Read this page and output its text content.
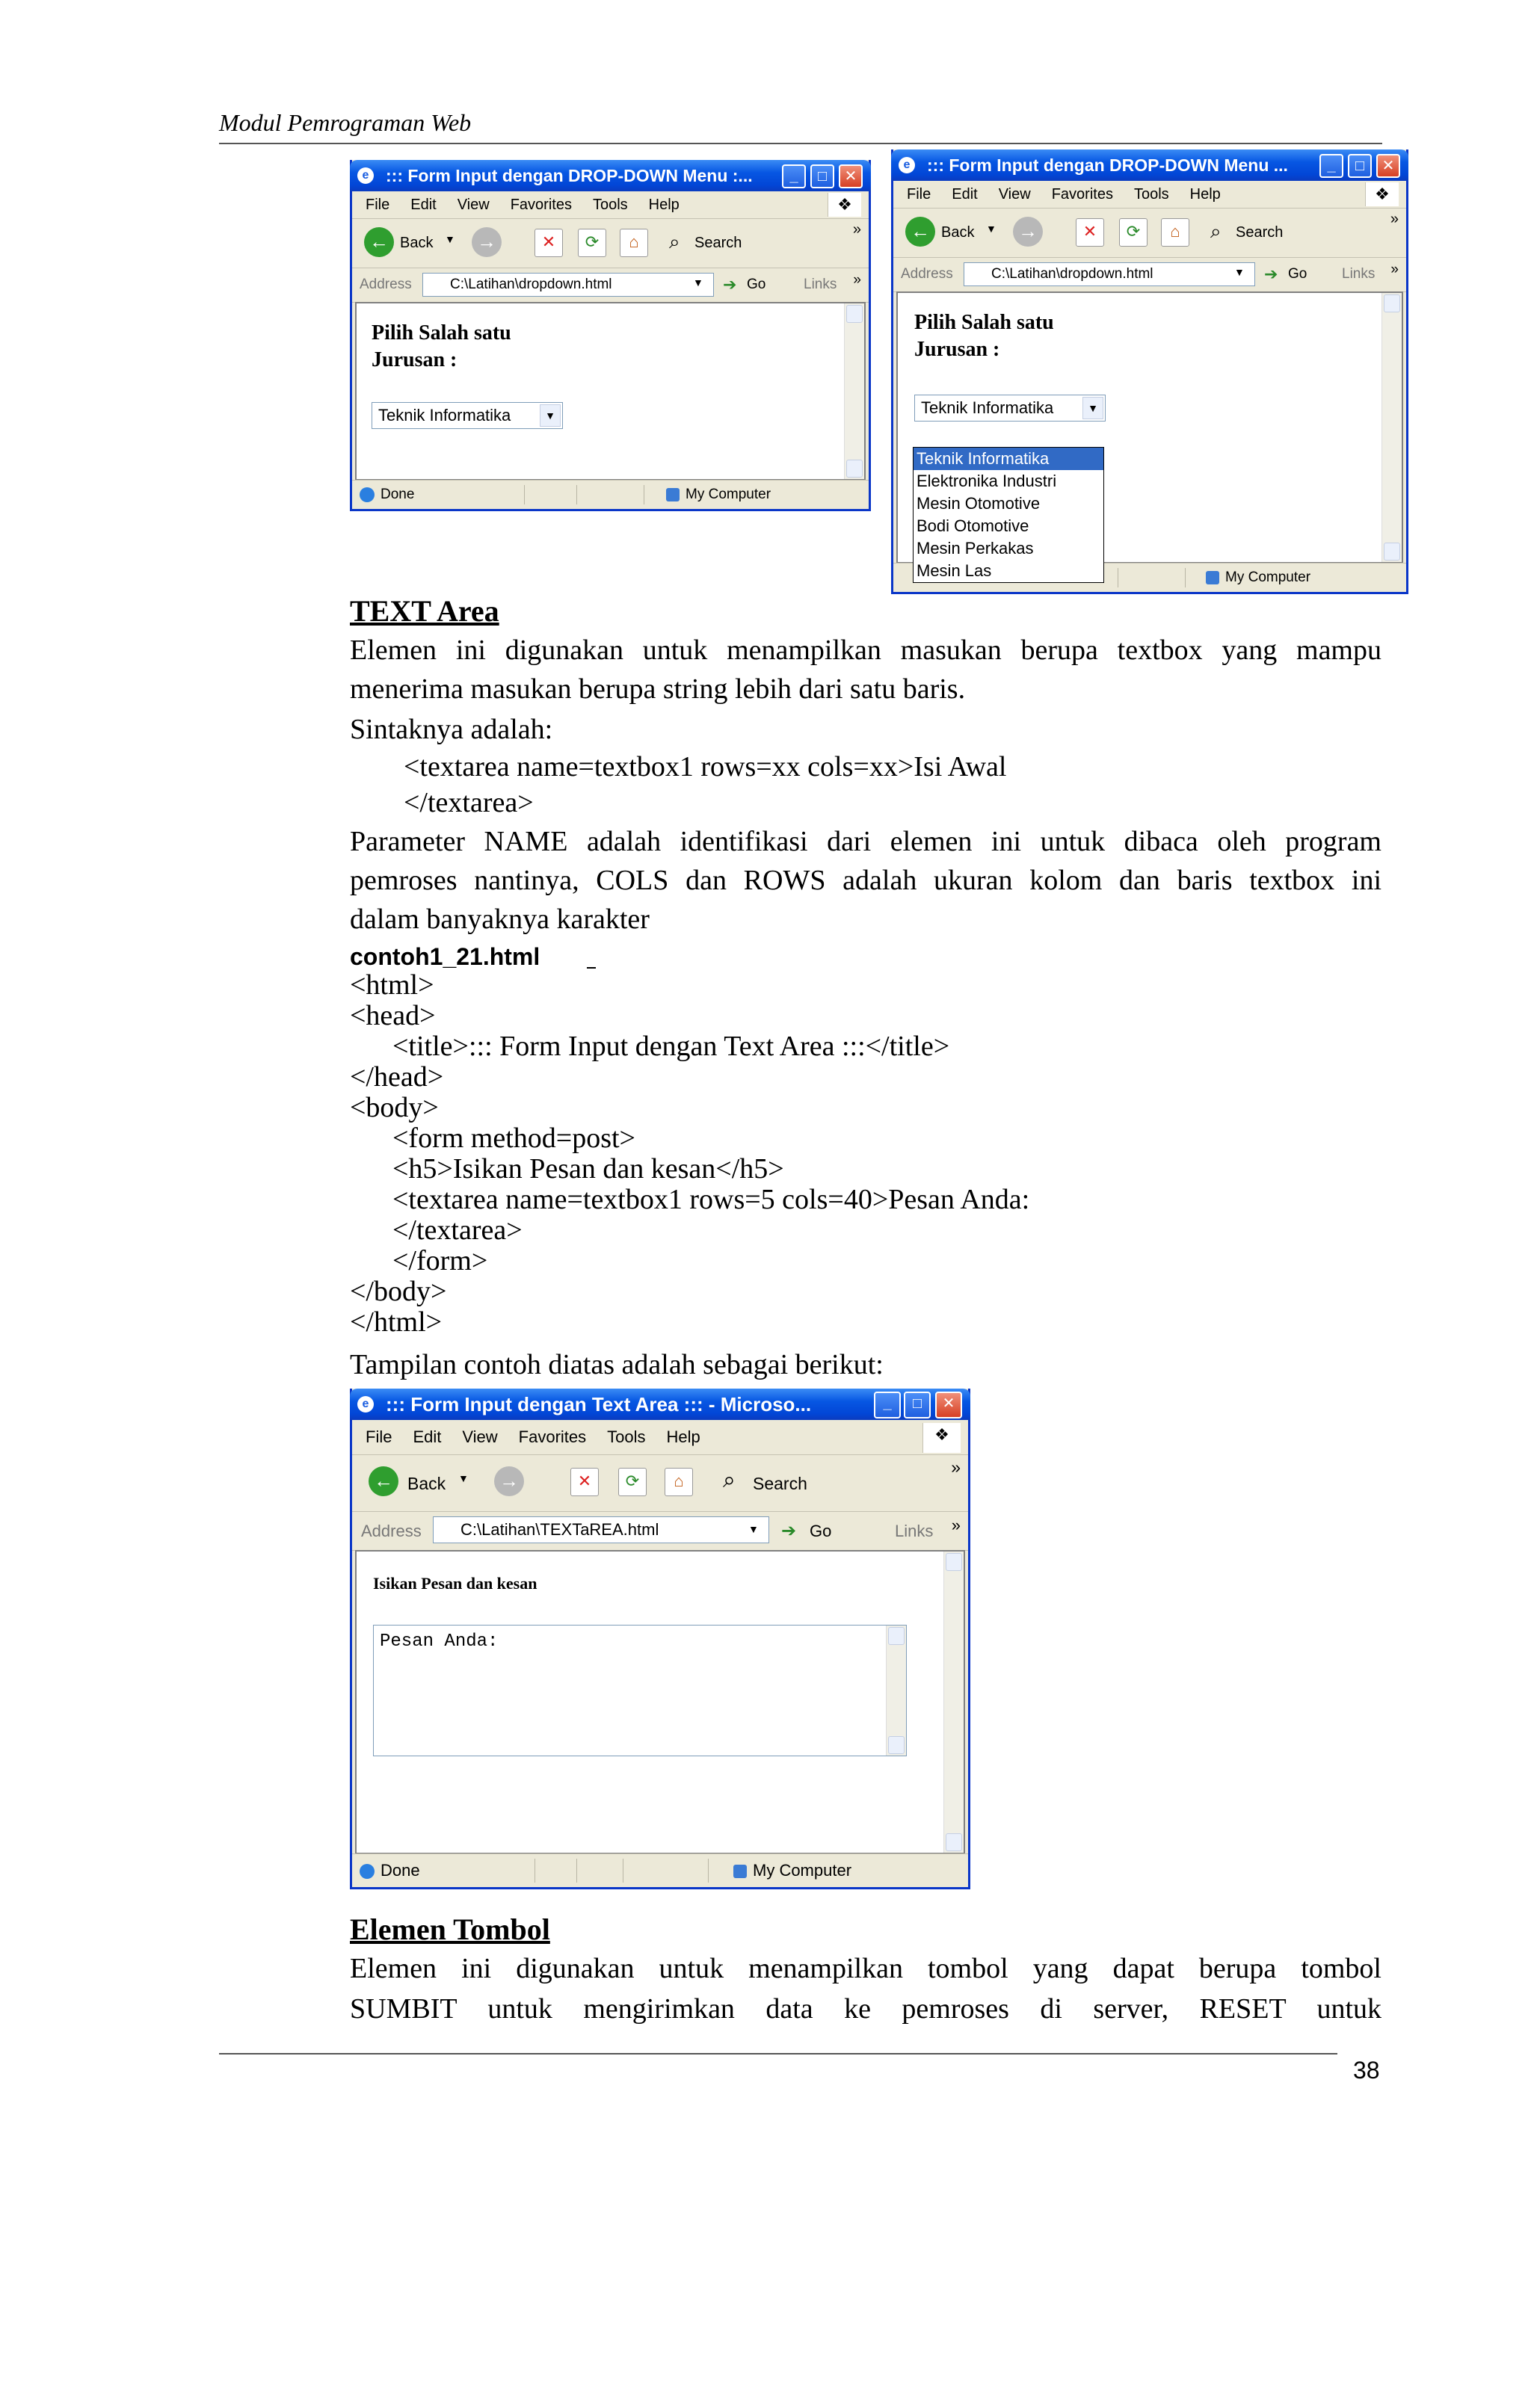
Modul Pemrograman Web
38
e ::: Form Input dengan DROP-DOWN Menu :...	_	□	✕
File Edit View Favorites Tools Help	❖
← Back ▼ →	✕	⟳	⌂	⌕ Search
»
Address	C:\Latihan\dropdown.html	▼ ➔ Go	Links »
Pilih Salah satu
Jurusan :
Teknik Informatika	▼
Done	My Computer
e ::: Form Input dengan DROP-DOWN Menu ...	_	□	✕
File Edit View Favorites Tools Help	❖
← Back ▼ →	✕	⟳	⌂	⌕ Search
»
Address	C:\Latihan\dropdown.html	▼ ➔ Go Links »
Pilih Salah satu
Jurusan :
Teknik Informatika	▼
My Computer
Teknik Informatika
Elektronika Industri
Mesin Otomotive
Bodi Otomotive
Mesin Perkakas
Mesin Las
TEXT Area
Elemen ini digunakan untuk menampilkan masukan berupa textbox yang mampu
menerima masukan berupa string lebih dari satu baris.
Sintaknya adalah:
<textarea name=textbox1 rows=xx cols=xx>Isi Awal
</textarea>
Parameter NAME adalah identifikasi dari elemen ini untuk dibaca oleh program
pemroses nantinya, COLS dan ROWS adalah ukuran kolom dan baris textbox ini
dalam banyaknya karakter
contoh1_21.html
<html>
<head>
<title>::: Form Input dengan Text Area :::</title>
</head>
<body>
<form method=post>
<h5>Isikan Pesan dan kesan</h5>
<textarea name=textbox1 rows=5 cols=40>Pesan Anda:
</textarea>
</form>
</body>
</html>
Tampilan contoh diatas adalah sebagai berikut:
e ::: Form Input dengan Text Area ::: - Microso...	_	□	✕
File Edit View Favorites Tools Help	❖
← Back ▼ →	✕	⟳	⌂	⌕ Search
»
Address	C:\Latihan\TEXTaREA.html	▼ ➔ Go	Links »
Isikan Pesan dan kesan
Pesan Anda:
Done	My Computer
Elemen Tombol
Elemen ini digunakan untuk menampilkan tombol yang dapat berupa tombol
SUMBIT untuk mengirimkan data ke pemroses di server, RESET untuk
